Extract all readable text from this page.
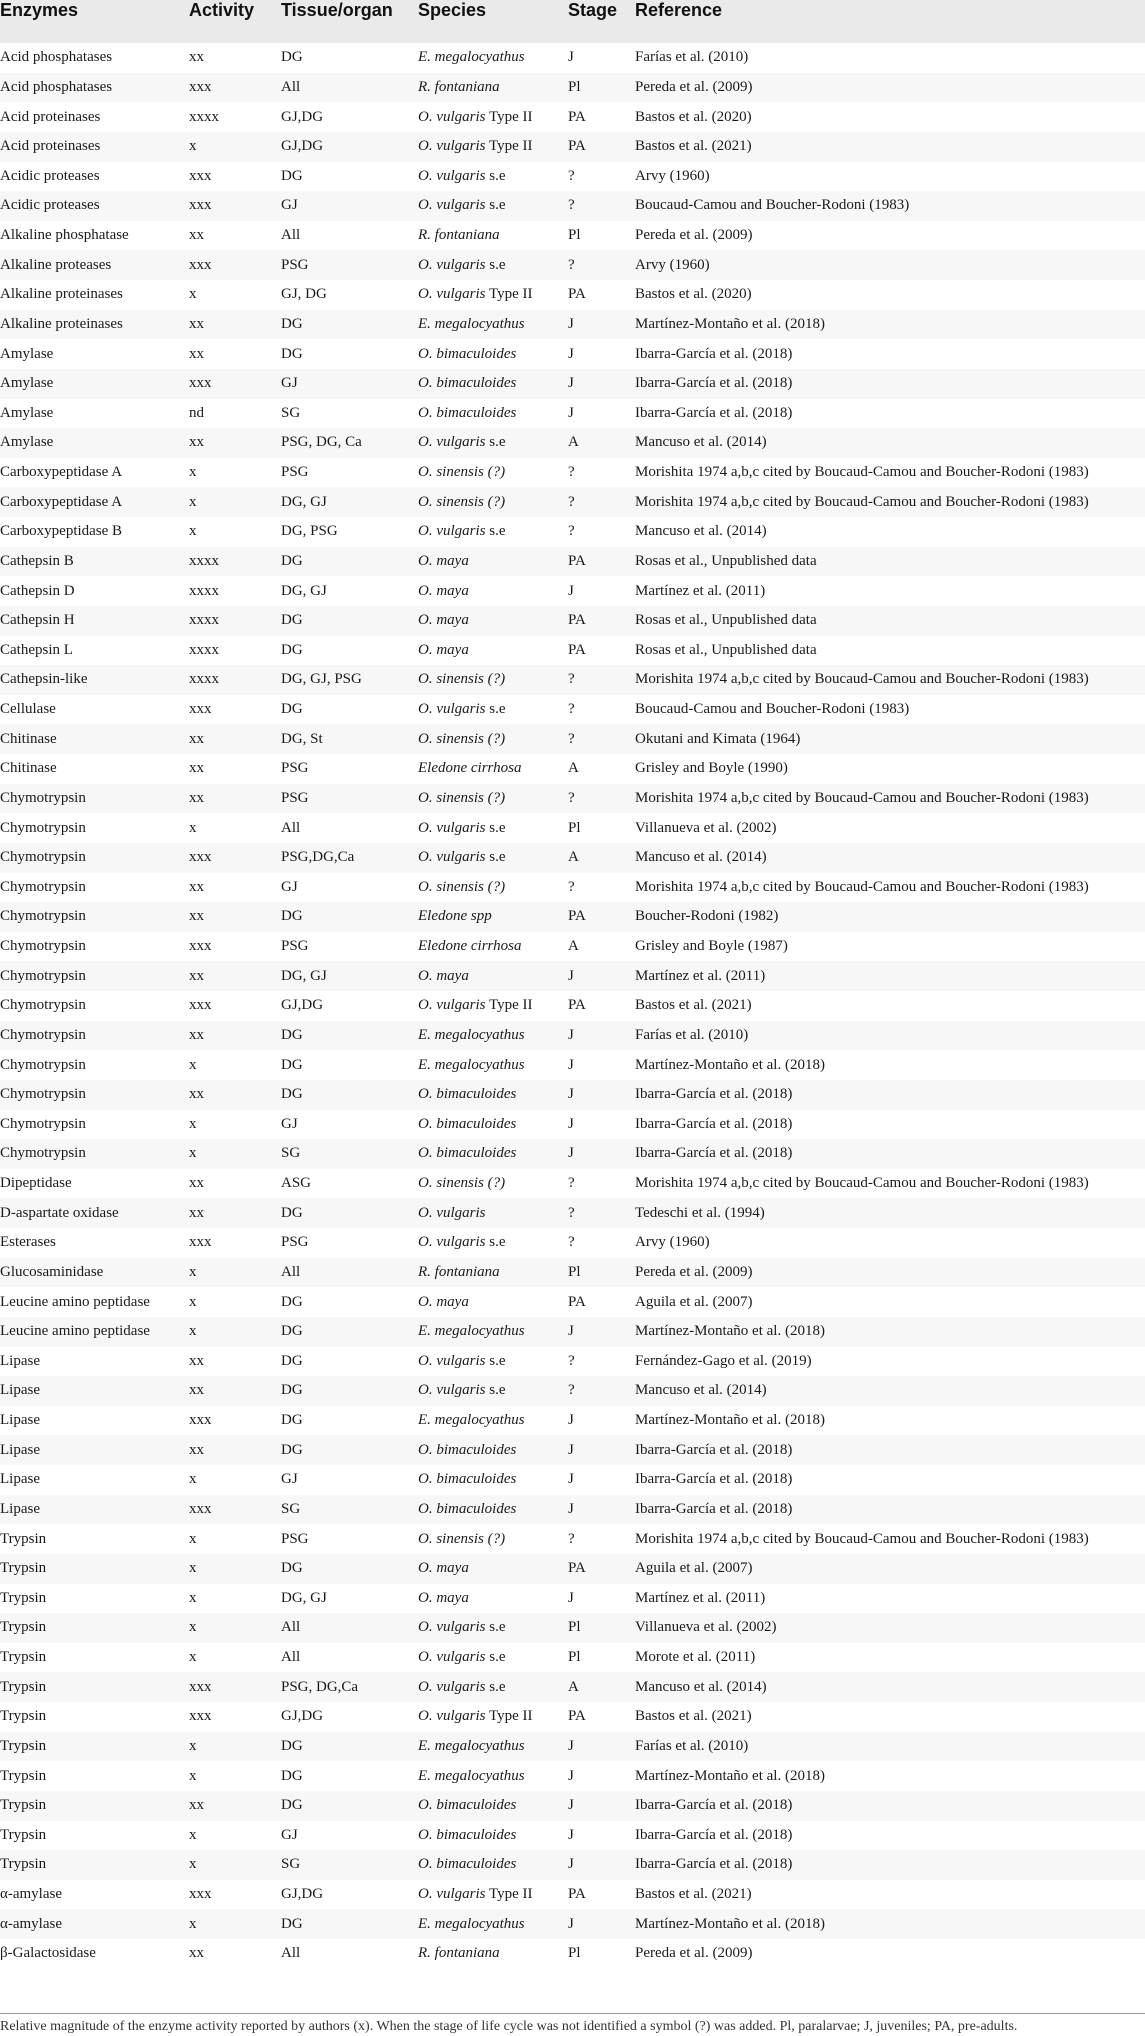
Enzymes	Activity	Tissue/organ	Species	Stage	Reference
Acid phosphatases	xx	DG	E. megalocyathus	J	Farías et al. (2010)
Acid phosphatases	xxx	All	R. fontaniana	Pl	Pereda et al. (2009)
Acid proteinases	xxxx	GJ,DG	O. vulgaris Type II	PA	Bastos et al. (2020)
Acid proteinases	x	GJ,DG	O. vulgaris Type II	PA	Bastos et al. (2021)
Acidic proteases	xxx	DG	O. vulgaris s.e	?	Arvy (1960)
Acidic proteases	xxx	GJ	O. vulgaris s.e	?	Boucaud-Camou and Boucher-Rodoni (1983)
Alkaline phosphatase	xx	All	R. fontaniana	Pl	Pereda et al. (2009)
Alkaline proteases	xxx	PSG	O. vulgaris s.e	?	Arvy (1960)
Alkaline proteinases	x	GJ, DG	O. vulgaris Type II	PA	Bastos et al. (2020)
Alkaline proteinases	xx	DG	E. megalocyathus	J	Martínez-Montaño et al. (2018)
Amylase	xx	DG	O. bimaculoides	J	Ibarra-García et al. (2018)
Amylase	xxx	GJ	O. bimaculoides	J	Ibarra-García et al. (2018)
Amylase	nd	SG	O. bimaculoides	J	Ibarra-García et al. (2018)
Amylase	xx	PSG, DG, Ca	O. vulgaris s.e	A	Mancuso et al. (2014)
Carboxypeptidase A	x	PSG	O. sinensis (?)	?	Morishita 1974 a,b,c cited by Boucaud-Camou and Boucher-Rodoni (1983)
Carboxypeptidase A	x	DG, GJ	O. sinensis (?)	?	Morishita 1974 a,b,c cited by Boucaud-Camou and Boucher-Rodoni (1983)
Carboxypeptidase B	x	DG, PSG	O. vulgaris s.e	?	Mancuso et al. (2014)
Cathepsin B	xxxx	DG	O. maya	PA	Rosas et al., Unpublished data
Cathepsin D	xxxx	DG, GJ	O. maya	J	Martínez et al. (2011)
Cathepsin H	xxxx	DG	O. maya	PA	Rosas et al., Unpublished data
Cathepsin L	xxxx	DG	O. maya	PA	Rosas et al., Unpublished data
Cathepsin-like	xxxx	DG, GJ, PSG	O. sinensis (?)	?	Morishita 1974 a,b,c cited by Boucaud-Camou and Boucher-Rodoni (1983)
Cellulase	xxx	DG	O. vulgaris s.e	?	Boucaud-Camou and Boucher-Rodoni (1983)
Chitinase	xx	DG, St	O. sinensis (?)	?	Okutani and Kimata (1964)
Chitinase	xx	PSG	Eledone cirrhosa	A	Grisley and Boyle (1990)
Chymotrypsin	xx	PSG	O. sinensis (?)	?	Morishita 1974 a,b,c cited by Boucaud-Camou and Boucher-Rodoni (1983)
Chymotrypsin	x	All	O. vulgaris s.e	Pl	Villanueva et al. (2002)
Chymotrypsin	xxx	PSG,DG,Ca	O. vulgaris s.e	A	Mancuso et al. (2014)
Chymotrypsin	xx	GJ	O. sinensis (?)	?	Morishita 1974 a,b,c cited by Boucaud-Camou and Boucher-Rodoni (1983)
Chymotrypsin	xx	DG	Eledone spp	PA	Boucher-Rodoni (1982)
Chymotrypsin	xxx	PSG	Eledone cirrhosa	A	Grisley and Boyle (1987)
Chymotrypsin	xx	DG, GJ	O. maya	J	Martínez et al. (2011)
Chymotrypsin	xxx	GJ,DG	O. vulgaris Type II	PA	Bastos et al. (2021)
Chymotrypsin	xx	DG	E. megalocyathus	J	Farías et al. (2010)
Chymotrypsin	x	DG	E. megalocyathus	J	Martínez-Montaño et al. (2018)
Chymotrypsin	xx	DG	O. bimaculoides	J	Ibarra-García et al. (2018)
Chymotrypsin	x	GJ	O. bimaculoides	J	Ibarra-García et al. (2018)
Chymotrypsin	x	SG	O. bimaculoides	J	Ibarra-García et al. (2018)
Dipeptidase	xx	ASG	O. sinensis (?)	?	Morishita 1974 a,b,c cited by Boucaud-Camou and Boucher-Rodoni (1983)
D-aspartate oxidase	xx	DG	O. vulgaris	?	Tedeschi et al. (1994)
Esterases	xxx	PSG	O. vulgaris s.e	?	Arvy (1960)
Glucosaminidase	x	All	R. fontaniana	Pl	Pereda et al. (2009)
Leucine amino peptidase	x	DG	O. maya	PA	Aguila et al. (2007)
Leucine amino peptidase	x	DG	E. megalocyathus	J	Martínez-Montaño et al. (2018)
Lipase	xx	DG	O. vulgaris s.e	?	Fernández-Gago et al. (2019)
Lipase	xx	DG	O. vulgaris s.e	?	Mancuso et al. (2014)
Lipase	xxx	DG	E. megalocyathus	J	Martínez-Montaño et al. (2018)
Lipase	xx	DG	O. bimaculoides	J	Ibarra-García et al. (2018)
Lipase	x	GJ	O. bimaculoides	J	Ibarra-García et al. (2018)
Lipase	xxx	SG	O. bimaculoides	J	Ibarra-García et al. (2018)
Trypsin	x	PSG	O. sinensis (?)	?	Morishita 1974 a,b,c cited by Boucaud-Camou and Boucher-Rodoni (1983)
Trypsin	x	DG	O. maya	PA	Aguila et al. (2007)
Trypsin	x	DG, GJ	O. maya	J	Martínez et al. (2011)
Trypsin	x	All	O. vulgaris s.e	Pl	Villanueva et al. (2002)
Trypsin	x	All	O. vulgaris s.e	Pl	Morote et al. (2011)
Trypsin	xxx	PSG, DG,Ca	O. vulgaris s.e	A	Mancuso et al. (2014)
Trypsin	xxx	GJ,DG	O. vulgaris Type II	PA	Bastos et al. (2021)
Trypsin	x	DG	E. megalocyathus	J	Farías et al. (2010)
Trypsin	x	DG	E. megalocyathus	J	Martínez-Montaño et al. (2018)
Trypsin	xx	DG	O. bimaculoides	J	Ibarra-García et al. (2018)
Trypsin	x	GJ	O. bimaculoides	J	Ibarra-García et al. (2018)
Trypsin	x	SG	O. bimaculoides	J	Ibarra-García et al. (2018)
α-amylase	xxx	GJ,DG	O. vulgaris Type II	PA	Bastos et al. (2021)
α-amylase	x	DG	E. megalocyathus	J	Martínez-Montaño et al. (2018)
β-Galactosidase	xx	All	R. fontaniana	Pl	Pereda et al. (2009)
Relative magnitude of the enzyme activity reported by authors (x). When the stage of life cycle was not identified a symbol (?) was added. Pl, paralarvae; J, juveniles; PA, pre-adults.
